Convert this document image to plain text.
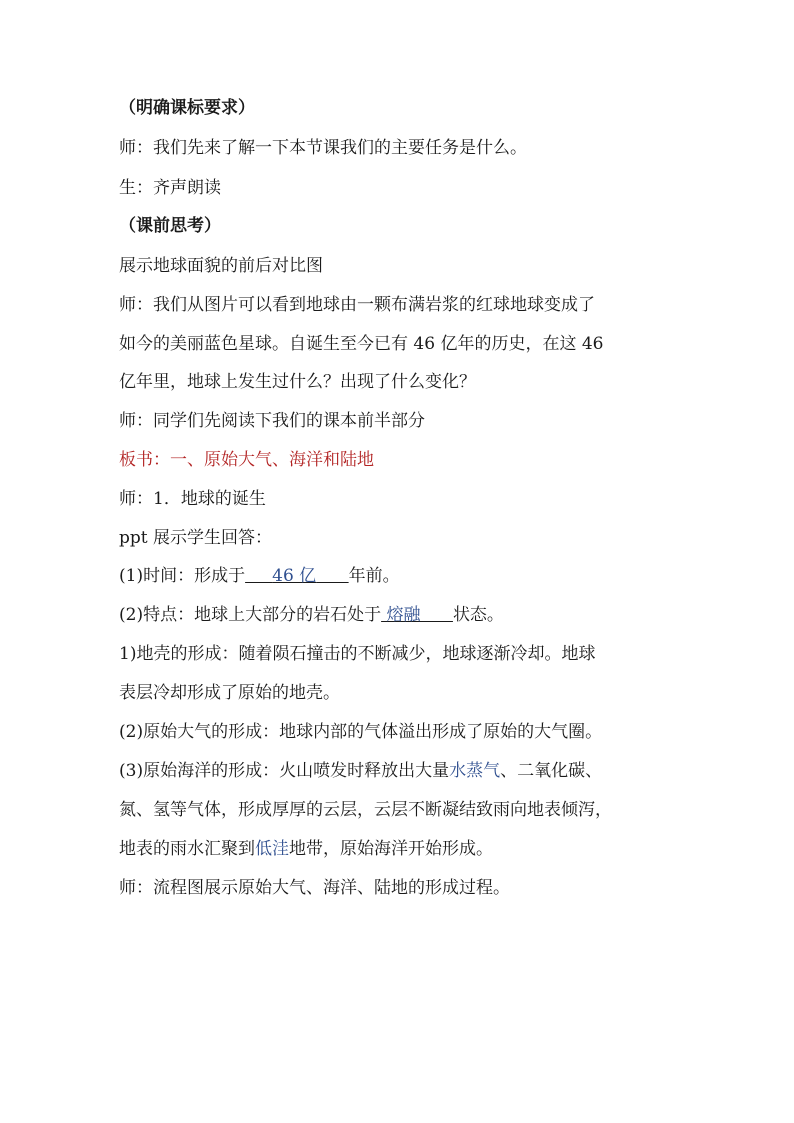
（明确课标要求）
师：我们先来了解一下本节课我们的主要任务是什么。
生：齐声朗读
（课前思考）
展示地球面貌的前后对比图
师：我们从图片可以看到地球由一颗布满岩浆的红球地球变成了
如今的美丽蓝色星球。自诞生至今已有 46 亿年的历史，在这 46
亿年里，地球上发生过什么？出现了什么变化？
师：同学们先阅读下我们的课本前半部分
板书：一、原始大气、海洋和陆地
师：1．地球的诞生
ppt 展示学生回答：
(1)时间：形成于 46 亿 年前。
(2)特点：地球上大部分的岩石处于 熔融 状态。
1)地壳的形成：随着陨石撞击的不断减少，地球逐渐冷却。地球
表层冷却形成了原始的地壳。
(2)原始大气的形成：地球内部的气体溢出形成了原始的大气圈。
(3)原始海洋的形成：火山喷发时释放出大量水蒸气、二氧化碳、
氮、氢等气体，形成厚厚的云层，云层不断凝结致雨向地表倾泻，
地表的雨水汇聚到低洼地带，原始海洋开始形成。
师：流程图展示原始大气、海洋、陆地的形成过程。
